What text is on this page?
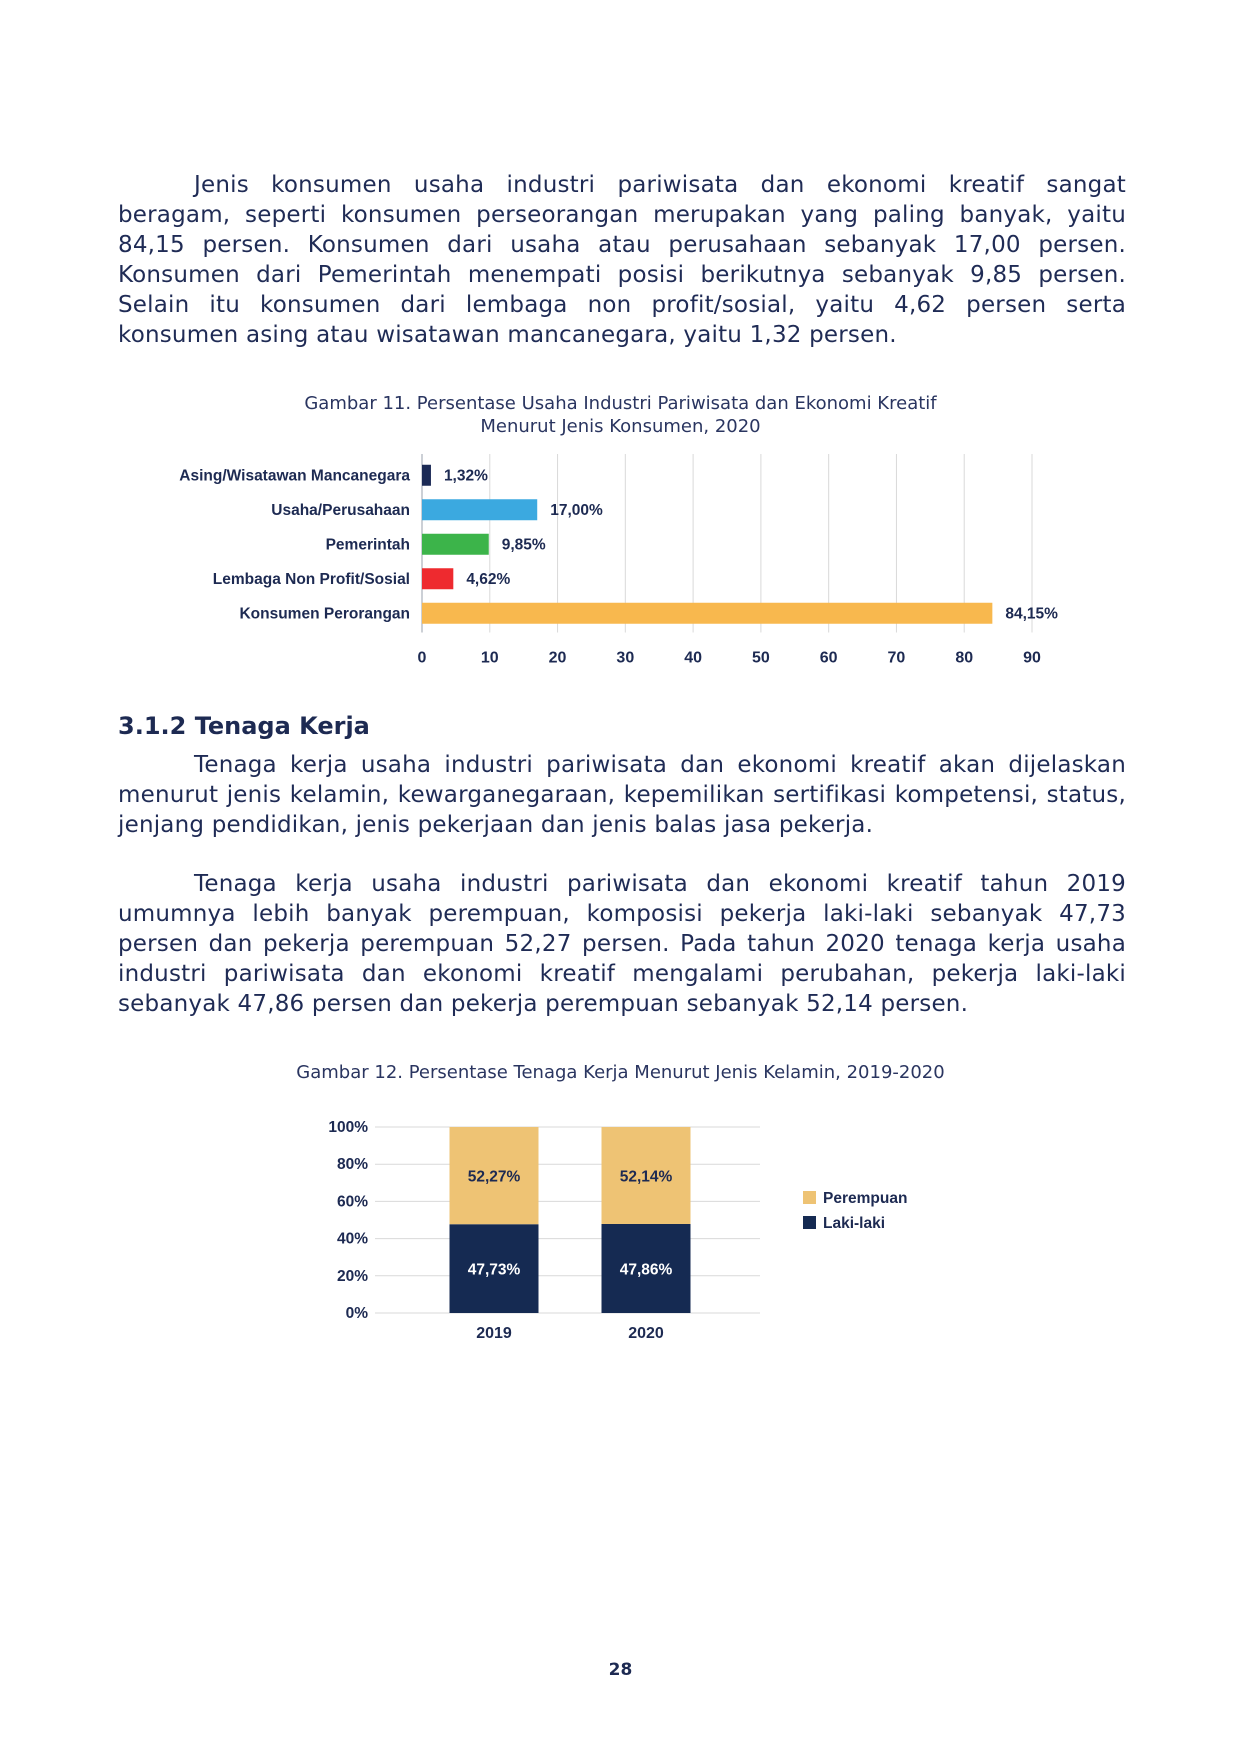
Jenis konsumen usaha industri pariwisata dan ekonomi kreatif sangat beragam, seperti konsumen perseorangan merupakan yang paling banyak, yaitu 84,15 persen. Konsumen dari usaha atau perusahaan sebanyak 17,00 persen. Konsumen dari Pemerintah menempati posisi berikutnya sebanyak 9,85 persen. Selain itu konsumen dari lembaga non profit/sosial, yaitu 4,62 persen serta konsumen asing atau wisatawan mancanegara, yaitu 1,32 persen.

Gambar 11. Persentase Usaha Industri Pariwisata dan Ekonomi Kreatif

Menurut Jenis Konsumen, 2020

0	10	20	30	40	50	60	70	80	90
Asing/Wisatawan Mancanegara 1,32%
Usaha/Perusahaan	17,00%
Pemerintah	9,85%
Lembaga Non Profit/Sosial	4,62%
Konsumen Perorangan	84,15%
3.1.2 Tenaga Kerja

Tenaga kerja usaha industri pariwisata dan ekonomi kreatif akan dijelaskan menurut jenis kelamin, kewarganegaraan, kepemilikan sertifikasi kompetensi, status, jenjang pendidikan, jenis pekerjaan dan jenis balas jasa pekerja.

Tenaga kerja usaha industri pariwisata dan ekonomi kreatif tahun 2019 umumnya lebih banyak perempuan, komposisi pekerja laki-laki sebanyak 47,73 persen dan pekerja perempuan 52,27 persen. Pada tahun 2020 tenaga kerja usaha industri pariwisata dan ekonomi kreatif mengalami perubahan, pekerja laki-laki sebanyak 47,86 persen dan pekerja perempuan sebanyak 52,14 persen.

Gambar 12. Persentase Tenaga Kerja Menurut Jenis Kelamin, 2019-2020

0%
20%
40%
60%
80%
100%
47,73%
52,27%
2019
47,86%
52,14%
2020
Perempuan
Laki-laki
28
